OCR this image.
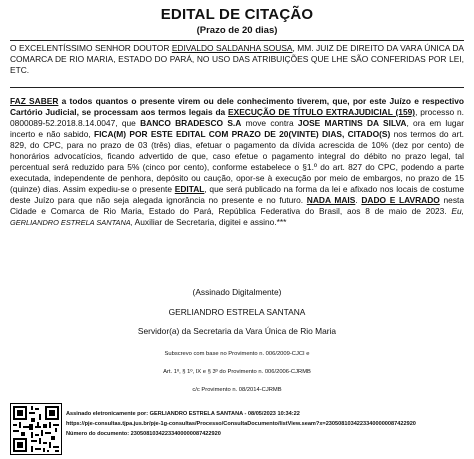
EDITAL DE CITAÇÃO
(Prazo de 20 dias)
O EXCELENTÍSSIMO SENHOR DOUTOR EDIVALDO SALDANHA SOUSA, MM. JUIZ DE DIREITO DA VARA ÚNICA DA COMARCA DE RIO MARIA, ESTADO DO PARÁ, NO USO DAS ATRIBUIÇÕES QUE LHE SÃO CONFERIDAS POR LEI, ETC.
FAZ SABER a todos quantos o presente virem ou dele conhecimento tiverem, que, por este Juízo e respectivo Cartório Judicial, se processam aos termos legais da EXECUÇÃO DE TÍTULO EXTRAJUDICIAL (159), processo n. 0800089-52.2018.8.14.0047, que BANCO BRADESCO S.A move contra JOSE MARTINS DA SILVA, ora em lugar incerto e não sabido, FICA(M) POR ESTE EDITAL COM PRAZO DE 20(VINTE) DIAS, CITADO(S) nos termos do art. 829, do CPC, para no prazo de 03 (três) dias, efetuar o pagamento da dívida acrescida de 10% (dez por cento) de honorários advocatícios, ficando advertido de que, caso efetue o pagamento integral do débito no prazo legal, tal percentual será reduzido para 5% (cinco por cento), conforme estabelece o §1.º do art. 827 do CPC, podendo a parte executada, independente de penhora, depósito ou caução, opor-se à execução por meio de embargos, no prazo de 15 (quinze) dias. Assim expediu-se o presente EDITAL, que será publicado na forma da lei e afixado nos locais de costume deste Juízo para que não seja alegada ignorância no presente e no futuro. NADA MAIS. DADO E LAVRADO nesta Cidade e Comarca de Rio Maria, Estado do Pará, República Federativa do Brasil, aos 8 de maio de 2023. Eu, GERLIANDRO ESTRELA SANTANA, Auxiliar de Secretaria, digitei e assino.***
(Assinado Digitalmente)
GERLIANDRO ESTRELA SANTANA
Servidor(a) da Secretaria da Vara Única de Rio Maria
Subscrevo com base no Provimento n. 006/2009-CJCI e
Art. 1º, § 1º, IX e § 3º do Provimento n. 006/2006-CJRMB
c/c Provimento n. 08/2014-CJRMB
Assinado eletronicamente por: GERLIANDRO ESTRELA SANTANA - 08/05/2023 10:34:22
https://pje-consultas.tjpa.jus.br/pje-1g-consultas/Processo/ConsultaDocumento/listView.seam?x=23050810342233400000087422920
Número do documento: 23050810342233400000087422920
